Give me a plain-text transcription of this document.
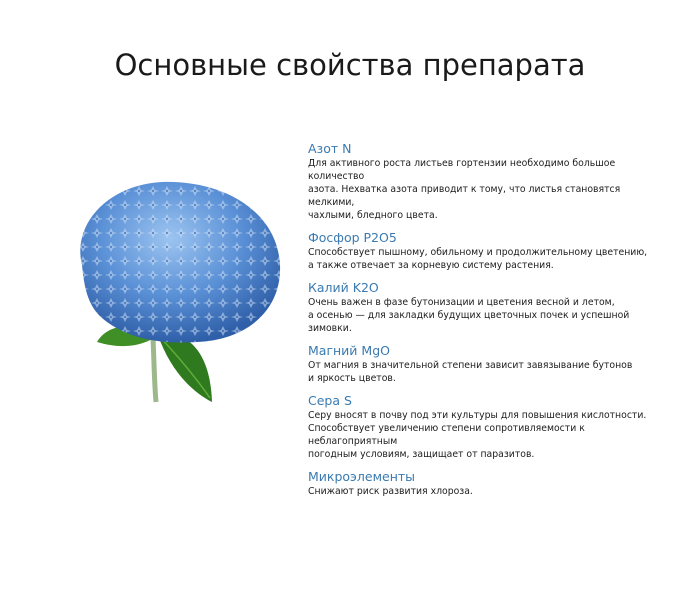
Основные свойства препарата
Азот N
Для активного роста листьев гортензии необходимо большое количество
азота. Нехватка азота приводит к тому, что листья становятся мелкими,
чахлыми, бледного цвета.
Фосфор P2O5
Способствует пышному, обильному и продолжительному цветению,
а также отвечает за корневую систему растения.
Калий K2O
Очень важен в фазе бутонизации и цветения весной и летом,
а осенью — для закладки будущих цветочных почек и успешной зимовки.
Магний MgO
От магния в значительной степени зависит завязывание бутонов
и яркость цветов.
Сера S
Серу вносят в почву под эти культуры для повышения кислотности.
Способствует увеличению степени сопротивляемости к неблагоприятным
погодным условиям, защищает от паразитов.
Микроэлементы
Снижают риск развития хлороза.
